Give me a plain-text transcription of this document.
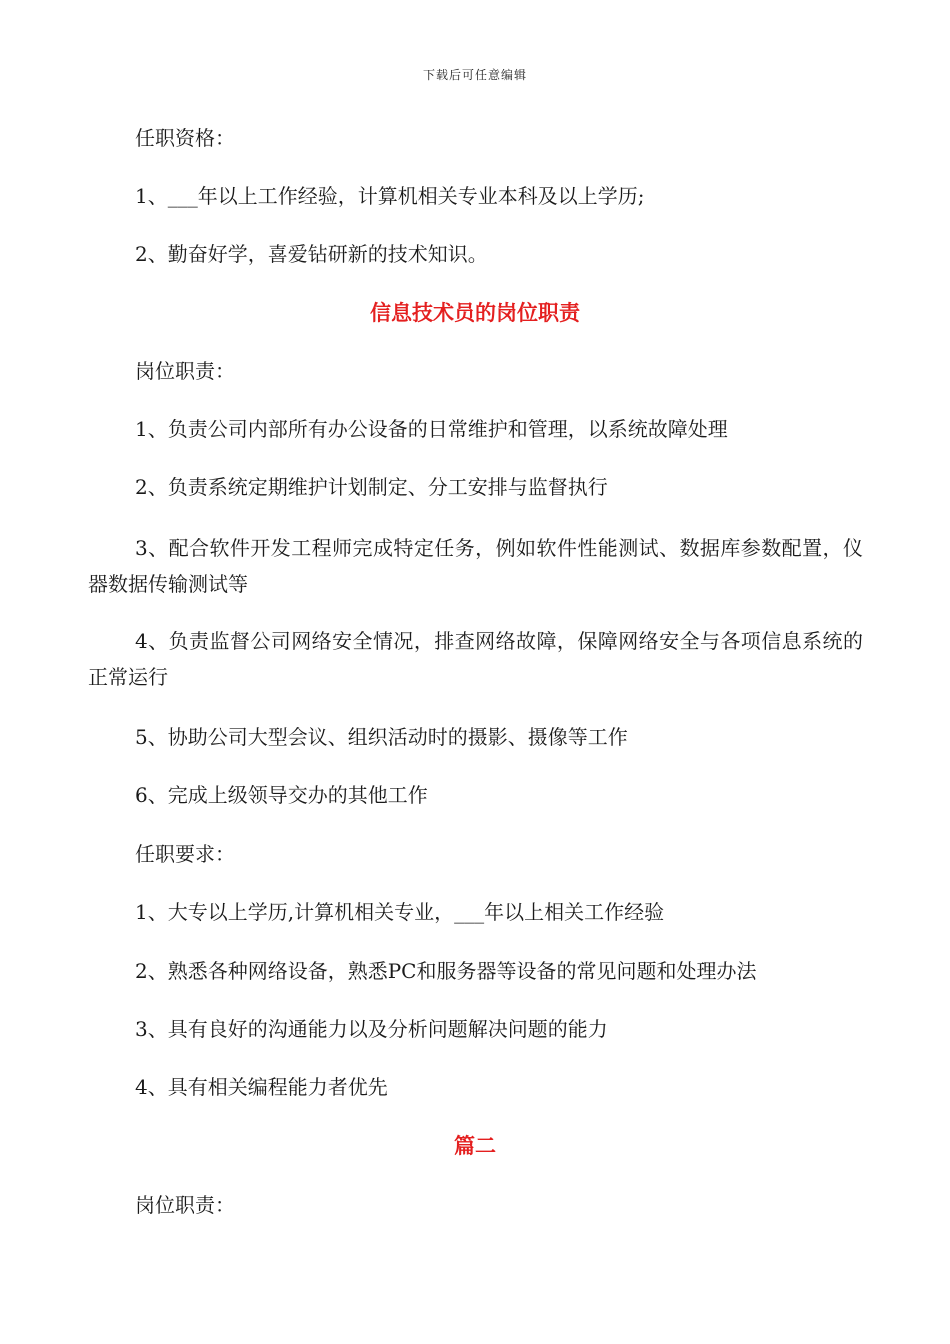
下载后可任意编辑
任职资格：
1、___年以上工作经验，计算机相关专业本科及以上学历;
2、勤奋好学，喜爱钻研新的技术知识。
信息技术员的岗位职责
岗位职责：
1、负责公司内部所有办公设备的日常维护和管理，以系统故障处理
2、负责系统定期维护计划制定、分工安排与监督执行
3、配合软件开发工程师完成特定任务，例如软件性能测试、数据库参数配置，仪器数据传输测试等
4、负责监督公司网络安全情况，排查网络故障，保障网络安全与各项信息系统的正常运行
5、协助公司大型会议、组织活动时的摄影、摄像等工作
6、完成上级领导交办的其他工作
任职要求：
1、大专以上学历,计算机相关专业，___年以上相关工作经验
2、熟悉各种网络设备，熟悉PC和服务器等设备的常见问题和处理办法
3、具有良好的沟通能力以及分析问题解决问题的能力
4、具有相关编程能力者优先
篇二
岗位职责：
